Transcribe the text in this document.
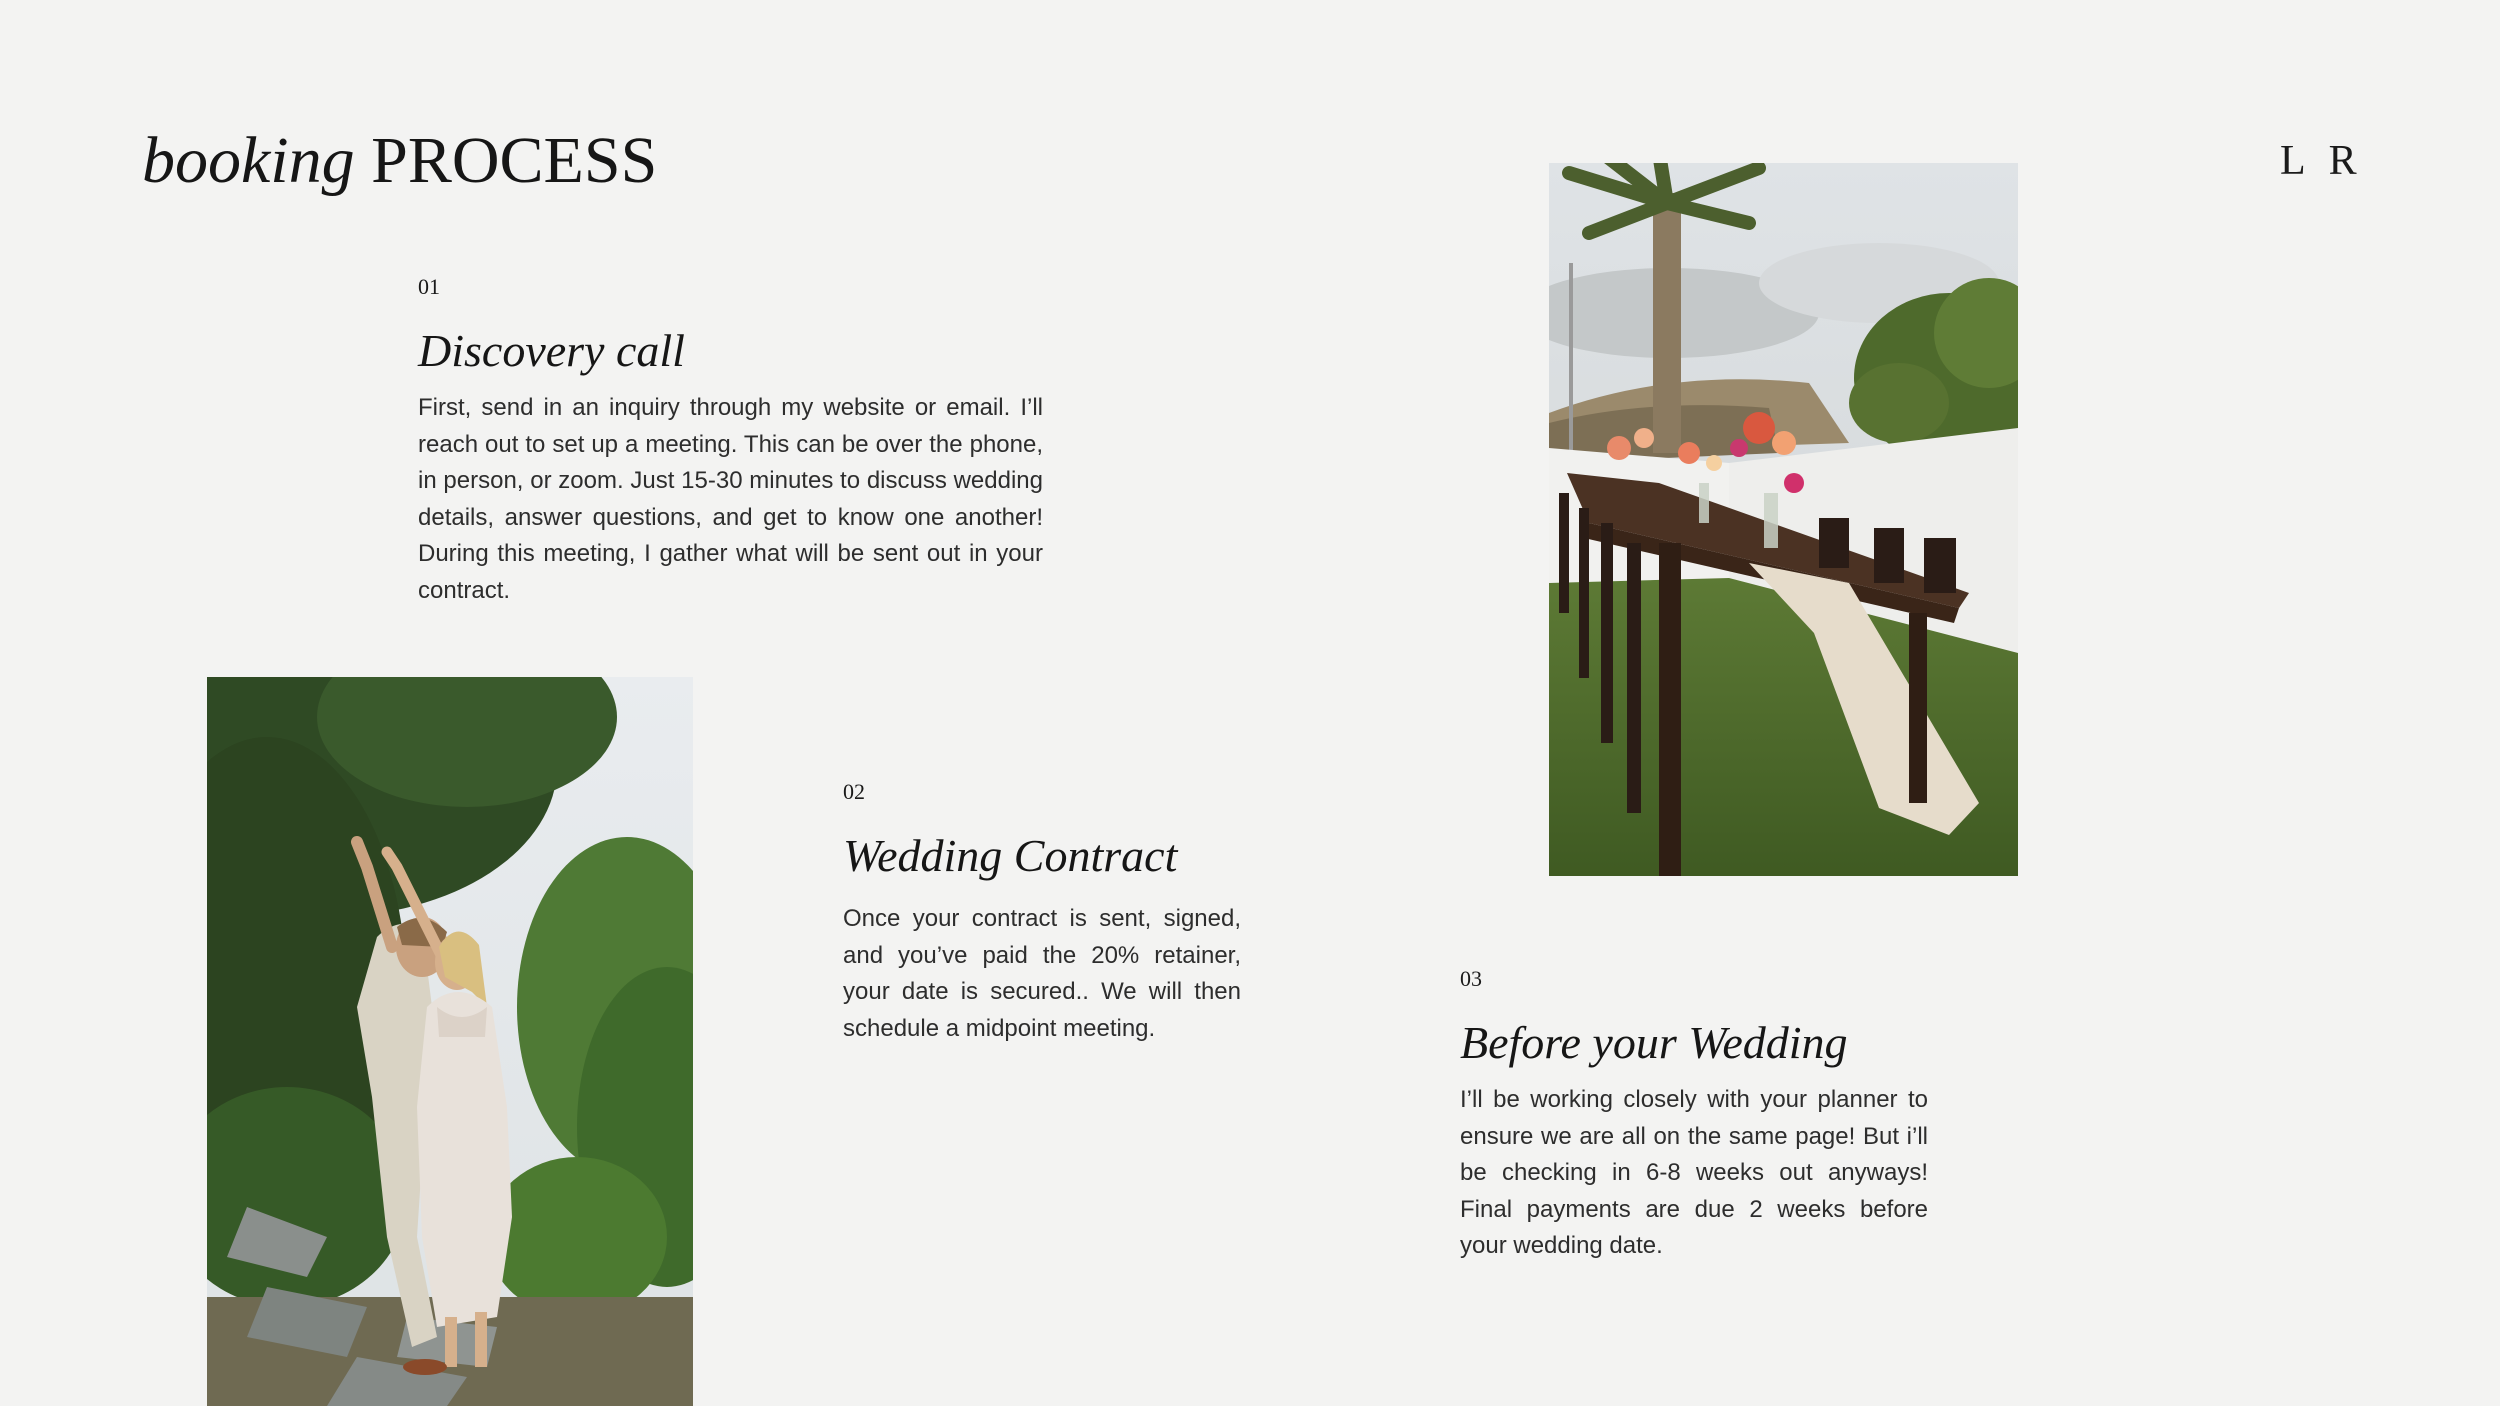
booking PROCESS	L R
01
Discovery call

First, send in an inquiry through my website or email. I’ll reach out to set up a meeting. This can be over the phone, in person, or zoom. Just 15-30 minutes to discuss wedding details, answer questions, and get to know one another! During this meeting, I gather what will be sent out in your contract.

02
Wedding Contract

Once your contract is sent, signed, and you’ve paid the 20% retainer, your date is secured.. We will then schedule a midpoint meeting.

03
Before your Wedding

I’ll be working closely with your planner to ensure we are all on the same page! But i’ll be checking in 6-8 weeks out anyways! Final payments are due 2 weeks before your wedding date.
